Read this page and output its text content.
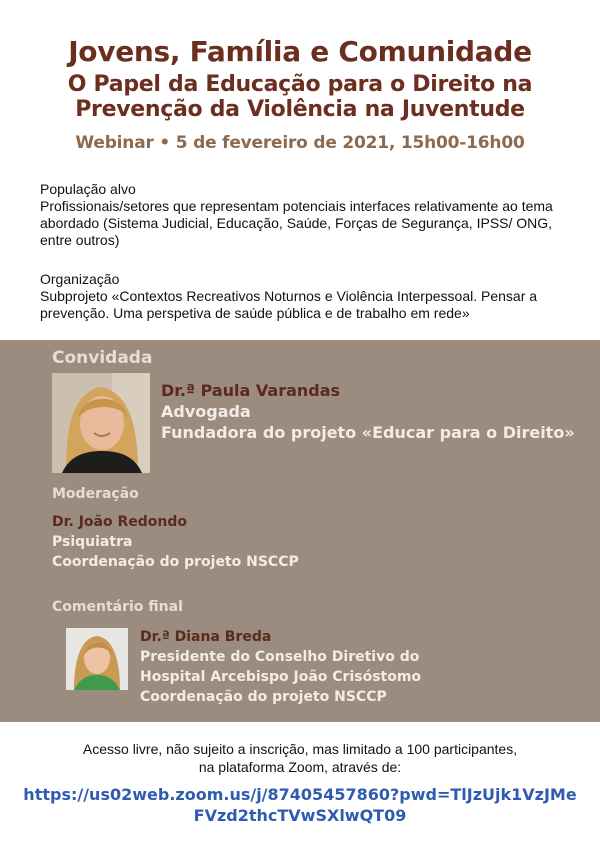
Jovens, Família e Comunidade
O Papel da Educação para o Direito na
Prevenção da Violência na Juventude
Webinar • 5 de fevereiro de 2021, 15h00-16h00
População alvo
Profissionais/setores que representam potenciais interfaces relativamente ao tema abordado (Sistema Judicial, Educação, Saúde, Forças de Segurança, IPSS/ ONG, entre outros)
Organização
Subprojeto «Contextos Recreativos Noturnos e Violência Interpessoal. Pensar a prevenção. Uma perspetiva de saúde pública e de trabalho em rede»
Convidada
Dr.ª Paula Varandas
Advogada
Fundadora do projeto «Educar para o Direito»
Moderação
Dr. João Redondo
Psiquiatra
Coordenação do projeto NSCCP
Comentário final
Dr.ª Diana Breda
Presidente do Conselho Diretivo do
Hospital Arcebispo João Crisóstomo
Coordenação do projeto NSCCP
Acesso livre, não sujeito a inscrição, mas limitado a 100 participantes,
na plataforma Zoom, através de:
https://us02web.zoom.us/j/87405457860?pwd=TlJzUjk1VzJMe
FVzd2thcTVwSXlwQT09
